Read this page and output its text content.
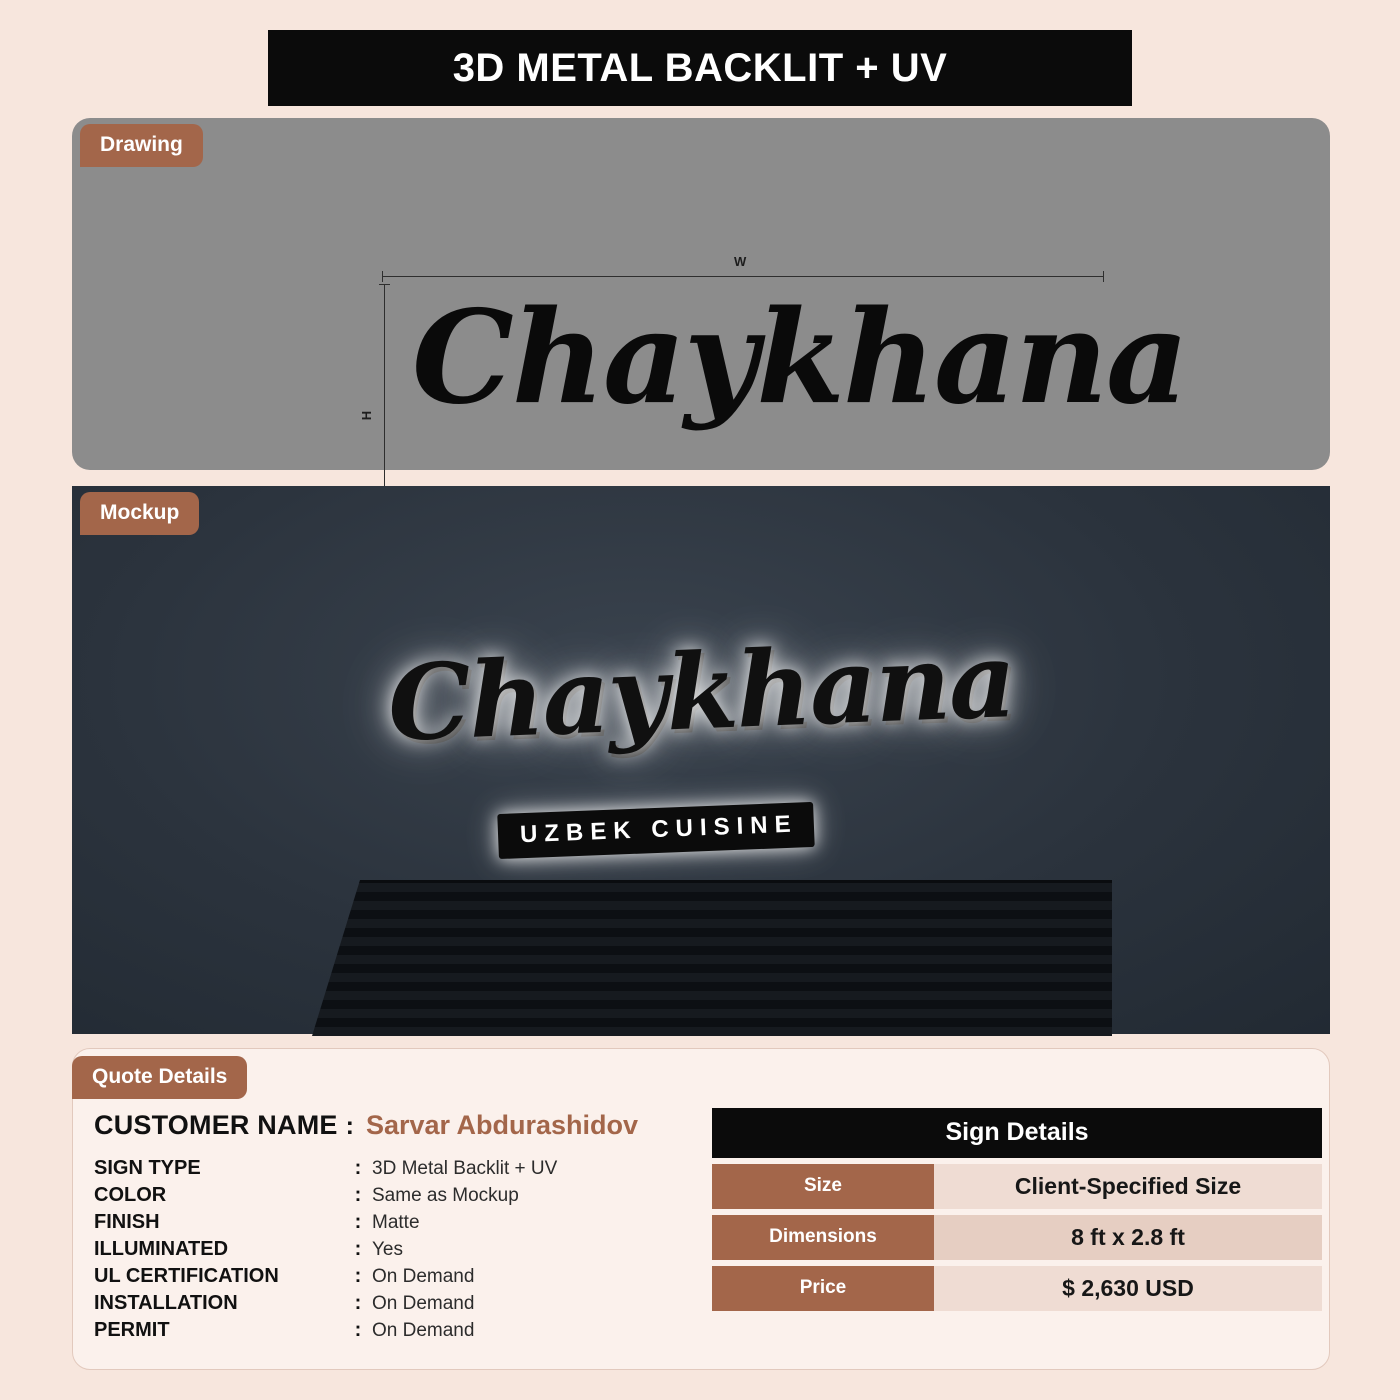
3D METAL BACKLIT + UV
Drawing
W
H Chaykhana
Mockup
Chaykhana
UZBEK CUISINE
Quote Details
CUSTOMER NAME : Sarvar Abdurashidov
SIGN TYPE	:	3D Metal Backlit + UV
COLOR	:	Same as Mockup
FINISH	:	Matte
ILLUMINATED	:	Yes
UL CERTIFICATION	:	On Demand
INSTALLATION	:	On Demand
PERMIT	:	On Demand
Sign Details
Size	Client-Specified Size
Dimensions	8 ft x 2.8 ft
Price	$ 2,630 USD
